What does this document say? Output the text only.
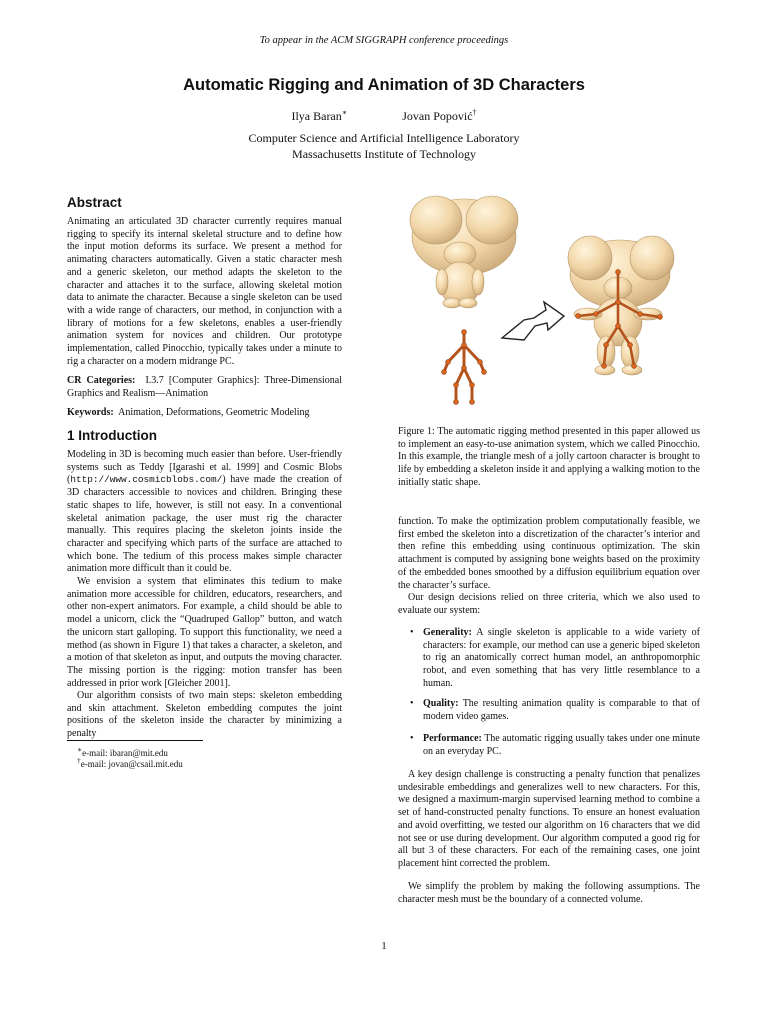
To appear in the ACM SIGGRAPH conference proceedings
Automatic Rigging and Animation of 3D Characters
Ilya Baran∗	Jovan Popović†
Computer Science and Artificial Intelligence Laboratory
Massachusetts Institute of Technology
Abstract
Animating an articulated 3D character currently requires manual rigging to specify its internal skeletal structure and to define how the input motion deforms its surface. We present a method for animating characters automatically. Given a static character mesh and a generic skeleton, our method adapts the skeleton to the character and attaches it to the surface, allowing skeletal motion data to animate the character. Because a single skeleton can be used with a wide range of characters, our method, in conjunction with a library of motions for a few skeletons, enables a user-friendly animation system for novices and children. Our prototype implementation, called Pinocchio, typically takes under a minute to rig a character on a modern midrange PC.
CR Categories: I.3.7 [Computer Graphics]: Three-Dimensional Graphics and Realism—Animation
Keywords: Animation, Deformations, Geometric Modeling
1 Introduction
Modeling in 3D is becoming much easier than before. User-friendly systems such as Teddy [Igarashi et al. 1999] and Cosmic Blobs (http://www.cosmicblobs.com/) have made the creation of 3D characters accessible to novices and children. Bringing these static shapes to life, however, is still not easy. In a conventional skeletal animation package, the user must rig the character manually. This requires placing the skeleton joints inside the character and specifying which parts of the surface are attached to which bone. The tedium of this process makes simple character animation more difficult than it could be.
We envision a system that eliminates this tedium to make animation more accessible for children, educators, researchers, and other non-expert animators. For example, a child should be able to model a unicorn, click the “Quadruped Gallop” button, and watch the unicorn start galloping. To support this functionality, we need a method (as shown in Figure 1) that takes a character, a skeleton, and a motion of that skeleton as input, and outputs the moving character. The missing portion is the rigging: motion transfer has been addressed in prior work [Gleicher 2001].
Our algorithm consists of two main steps: skeleton embedding and skin attachment. Skeleton embedding computes the joint positions of the skeleton inside the character by minimizing a penalty
∗e-mail: ibaran@mit.edu
†e-mail: jovan@csail.mit.edu
Figure 1: The automatic rigging method presented in this paper allowed us to implement an easy-to-use animation system, which we called Pinocchio. In this example, the triangle mesh of a jolly cartoon character is brought to life by embedding a skeleton inside it and applying a walking motion to the initially static shape.
function. To make the optimization problem computationally feasible, we first embed the skeleton into a discretization of the character’s interior and then refine this embedding using continuous optimization. The skin attachment is computed by assigning bone weights based on the proximity of the embedded bones smoothed by a diffusion equilibrium equation over the character’s surface.
Our design decisions relied on three criteria, which we also used to evaluate our system:
• Generality: A single skeleton is applicable to a wide variety of characters: for example, our method can use a generic biped skeleton to rig an anatomically correct human model, an anthropomorphic robot, and even something that has very little resemblance to a human.
• Quality: The resulting animation quality is comparable to that of modern video games.
• Performance: The automatic rigging usually takes under one minute on an everyday PC.
A key design challenge is constructing a penalty function that penalizes undesirable embeddings and generalizes well to new characters. For this, we designed a maximum-margin supervised learning method to combine a set of hand-constructed penalty functions. To ensure an honest evaluation and avoid overfitting, we tested our algorithm on 16 characters that we did not see or use during development. Our algorithm computed a good rig for all but 3 of these characters. For each of the remaining cases, one joint placement hint corrected the problem.
We simplify the problem by making the following assumptions. The character mesh must be the boundary of a connected volume.
1
